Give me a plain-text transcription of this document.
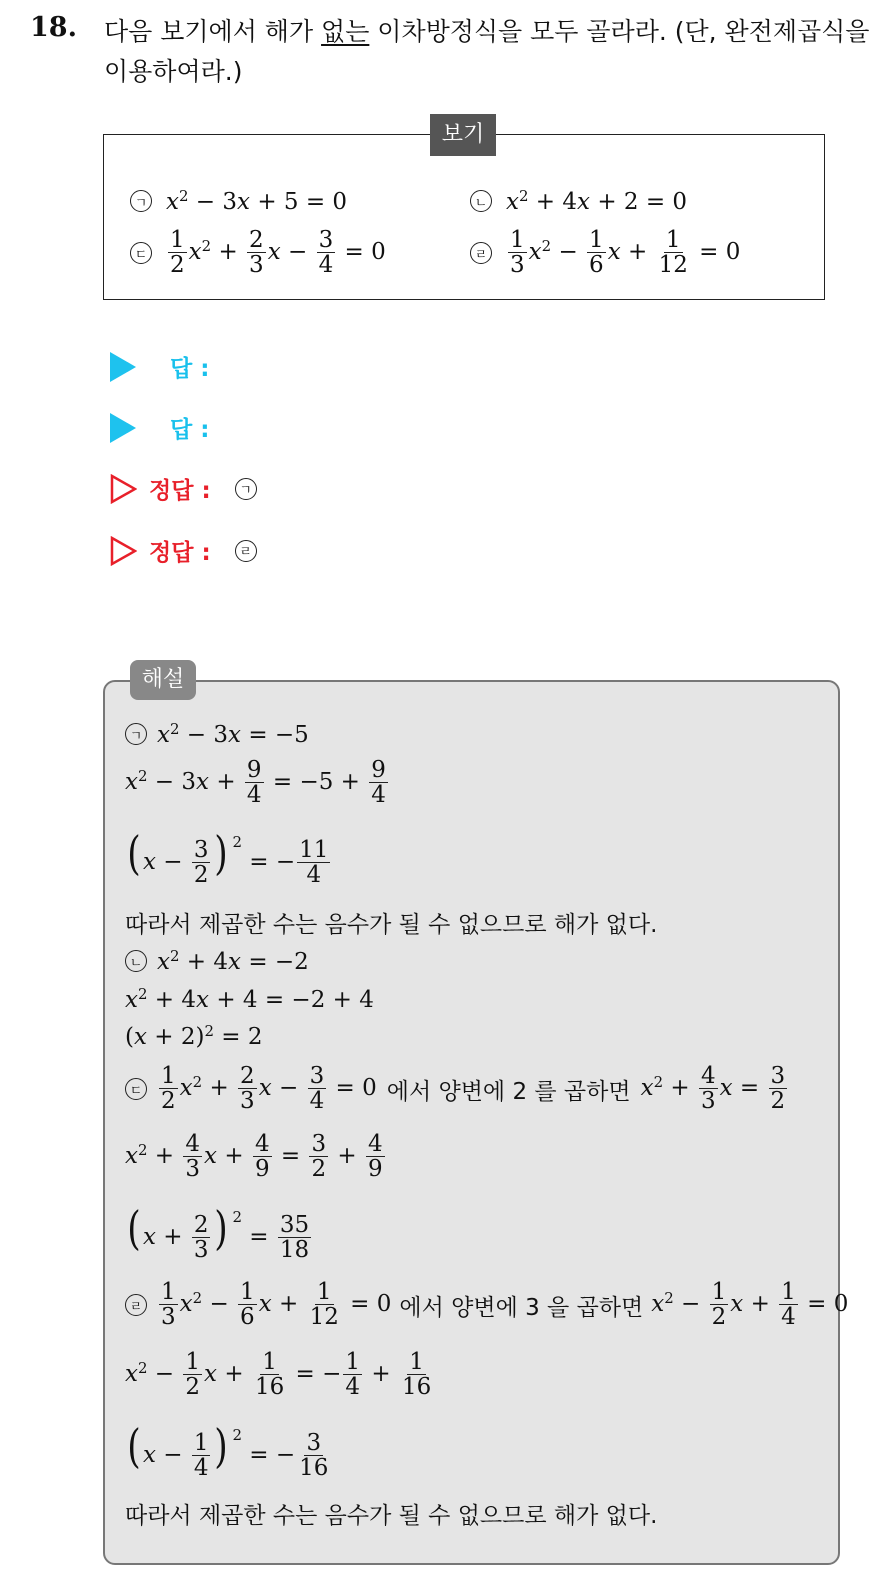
18. 다음 보기에서 해가 없는 이차방정식을 모두 골라라. (단, 완전제곱식을 이용하여라.)
보기
ㄱ $x^2 - 3x + 5 = 0$	ㄴ $x^2 + 4x + 2 = 0$
ㄷ $\frac{1}{2} x^2 + \frac{2}{3}$ $x - \frac{3}{4} = 0$	ㄹ $\frac{1}{3} x^2 - \frac{1}{6}$ $x + \frac{1}{12} = 0$
답 :
답 :
정답 :	ㄱ
정답 :	ㄹ
해설
ㄱ $x^2 - 3x = -5$
$x^2 - 3x + \frac{9}{4} = -5 + \frac{9}{4}$
($x - \frac{3}{2}$ ) $^2$ = − $\frac{11}{4}$
따라서 제곱한 수는 음수가 될 수 없으므로 해가 없다.
ㄴ $x^2 + 4x = -2$
$x^2 + 4x + 4 = -2 + 4$
$(x + 2)^2 = 2$
ㄷ $\frac{1}{2} x^2 + \frac{2}{3}$ $x - \frac{3}{4} = 0$ 에서 양변에 2 를 곱하면 $x^2 + \frac{4}{3}$ $x = \frac{3}{2}$
$x^2 + \frac{4}{3}$ $x + \frac{4}{9} = \frac{3}{2} + \frac{4}{9}$
($x + \frac{2}{3}$ ) $^2 = \frac{35}{18}$
ㄹ $\frac{1}{3} x^2 - \frac{1}{6}$ $x + \frac{1}{12} = 0$ 에서 양변에 3 을 곱하면 $x^2 - \frac{1}{2}$ $x + \frac{1}{4} = 0$
$x^2 - \frac{1}{2}$ $x + \frac{1}{16}$ = − $\frac{1}{4} + \frac{1}{16}$
($x - \frac{1}{4}$ ) $^2$ = − $\frac{3}{16}$
따라서 제곱한 수는 음수가 될 수 없으므로 해가 없다.
